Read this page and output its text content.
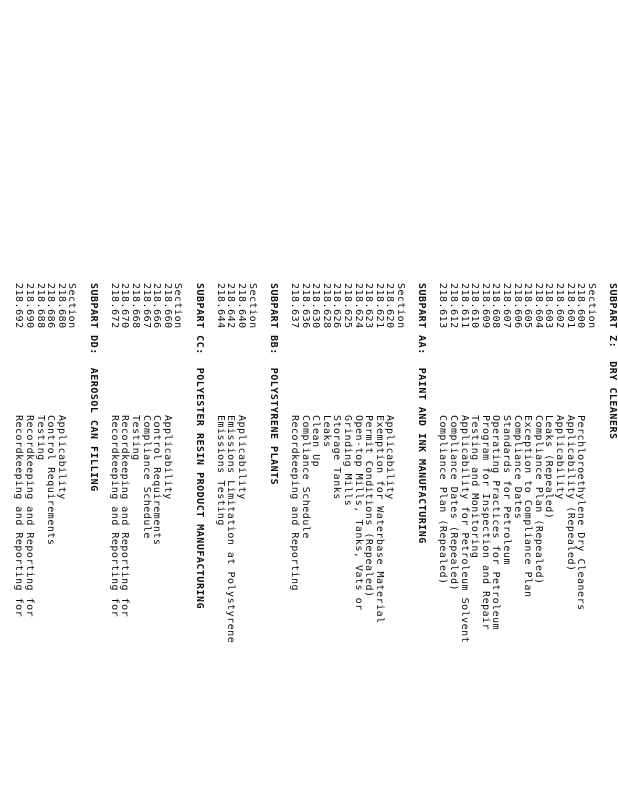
SUBPART Z:  DRY CLEANERS
Section
218.600Perchloroethylene Dry Cleaners
218.601Applicability (Repealed)
218.602Applicability
218.603Leaks (Repealed)
218.604Compliance Plan (Repealed)
218.605Exception to Compliance Plan
218.606Compliance Dates
218.607Standards for Petroleum
218.608Operating Practices for Petroleum
218.609Program for Inspection and Repair
218.610Testing and Monitoring
218.611Applicability for Petroleum Solvent
218.612Compliance Dates (Repealed)
218.613Compliance Plan (Repealed)
SUBPART AA:  PAINT AND INK MANUFACTURING
Section
218.620Applicability
218.621Exemption for Waterbase Material
218.623Permit Conditions (Repealed)
218.624Open-top Mills, Tanks, Vats or
218.625Grinding Mills
218.626Storage Tanks
218.628Leaks
218.630Clean Up
218.636Compliance Schedule
218.637Recordkeeping and Reporting
SUBPART BB:  POLYSTYRENE PLANTS
Section
218.640Applicability
218.642Emissions Limitation at Polystyrene
218.644Emissions Testing
SUBPART CC:  POLYESTER RESIN PRODUCT MANUFACTURING
Section
218.660Applicability
218.666Control Requirements
218.667Compliance Schedule
218.668Testing
218.670Recordkeeping and Reporting for
218.672Recordkeeping and Reporting for
SUBPART DD:  AEROSOL CAN FILLING
Section
218.680Applicability
218.686Control Requirements
218.688Testing
218.690Recordkeeping and Reporting for
218.692Recordkeeping and Reporting for
